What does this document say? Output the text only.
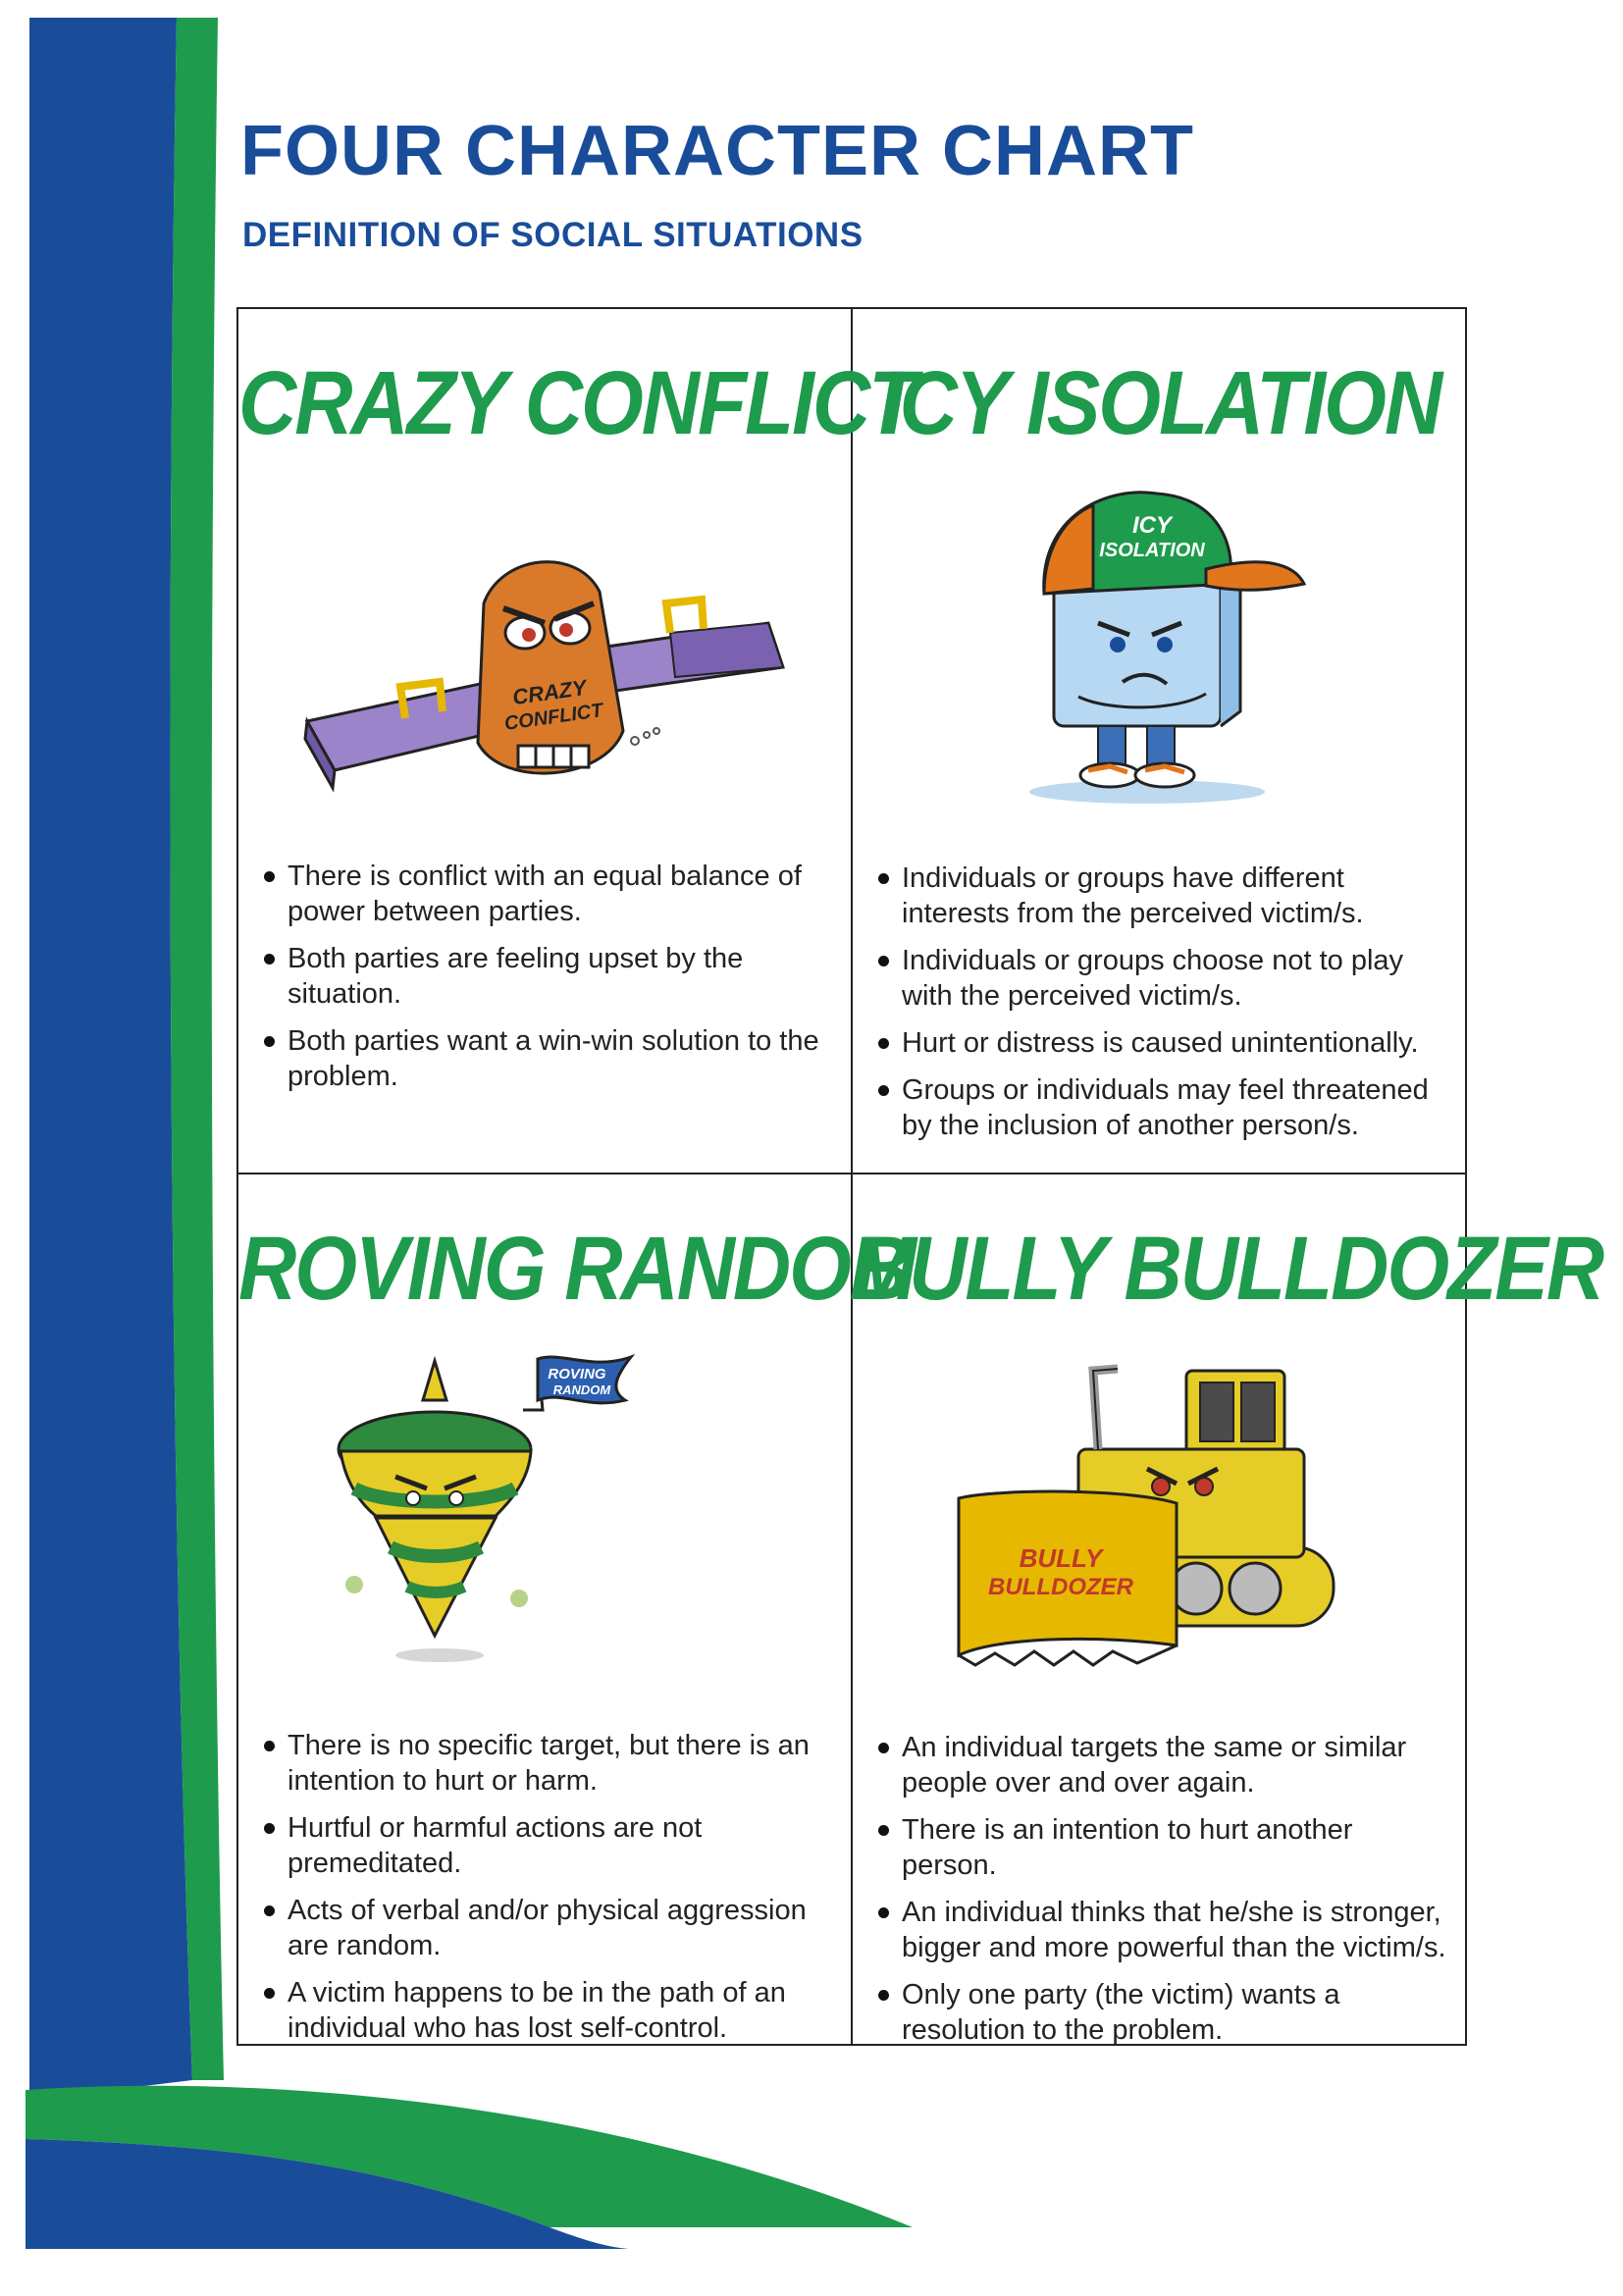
FOUR CHARACTER CHART
DEFINITION OF SOCIAL SITUATIONS
CRAZY CONFLICT
CRAZY
CONFLICT
There is conflict with an equal balance of power between parties.
Both parties are feeling upset by the situation.
Both parties want a win-win solution to the problem.
ICY ISOLATION
ICY
ISOLATION
Individuals or groups have different interests from the perceived victim/s.
Individuals or groups choose not to play with the perceived victim/s.
Hurt or distress is caused unintentionally.
Groups or individuals may feel threatened by the inclusion of another person/s.
ROVING RANDOM
ROVING
RANDOM
There is no specific target, but there is an intention to hurt or harm.
Hurtful or harmful actions are not premeditated.
Acts of verbal and/or physical aggression are random.
A victim happens to be in the path of an individual who has lost self-control.
BULLY BULLDOZER
BULLY
BULLDOZER
An individual targets the same or similar people over and over again.
There is an intention to hurt another person.
An individual thinks that he/she is stronger, bigger and more powerful than the victim/s.
Only one party (the victim) wants a resolution to the problem.
